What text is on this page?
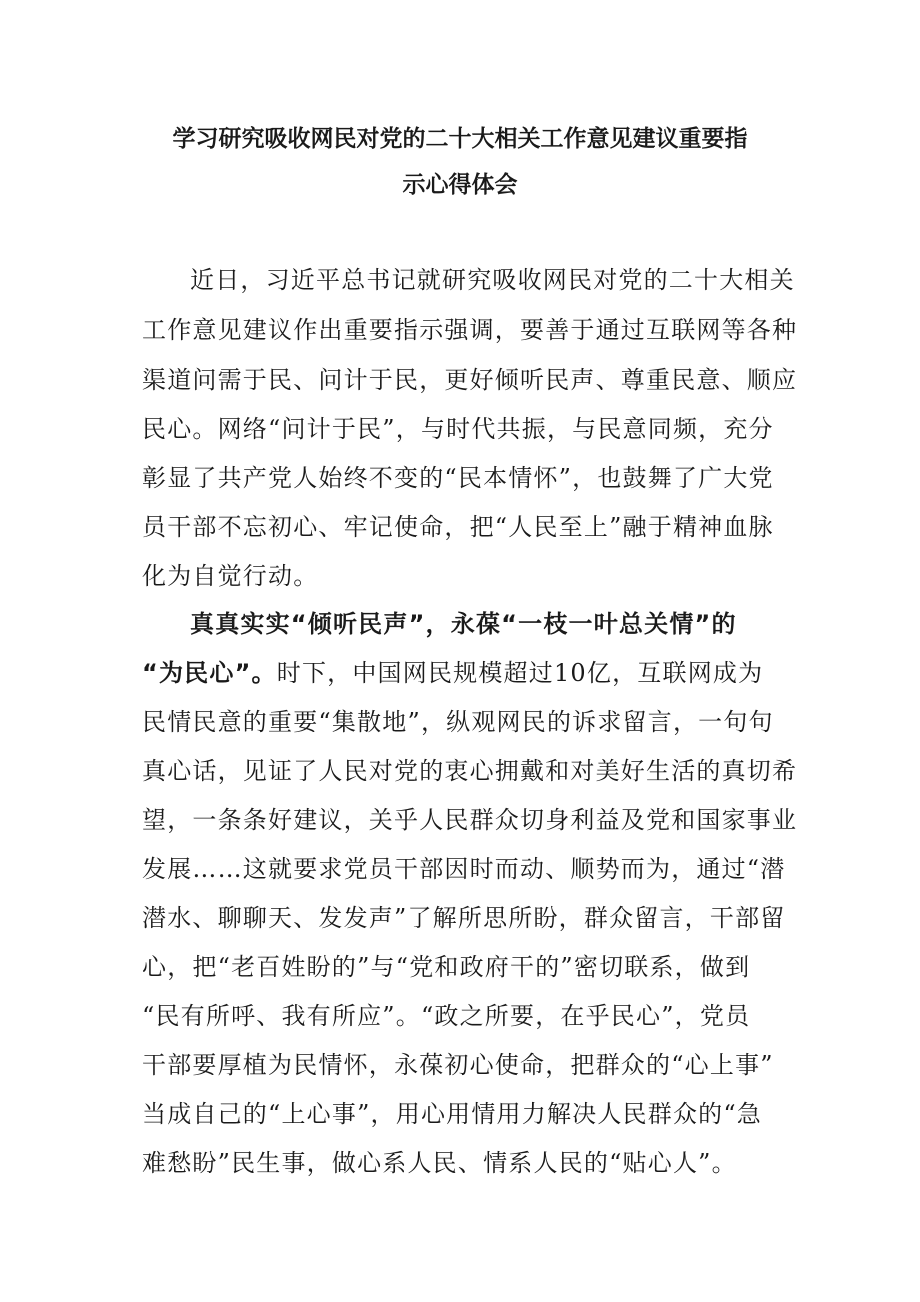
学习研究吸收网民对党的二十大相关工作意见建议重要指
示心得体会

近日，习近平总书记就研究吸收网民对党的二十大相关

工作意见建议作出重要指示强调，要善于通过互联网等各种

渠道问需于民、问计于民，更好倾听民声、尊重民意、顺应

民心。网络“问计于民”，与时代共振，与民意同频，充分

彰显了共产党人始终不变的“民本情怀”，也鼓舞了广大党

员干部不忘初心、牢记使命，把“人民至上”融于精神血脉

化为自觉行动。

真真实实“倾听民声”，永葆“一枝一叶总关情”的

“为民心”。时下，中国网民规模超过10亿，互联网成为

民情民意的重要“集散地”，纵观网民的诉求留言，一句句

真心话，见证了人民对党的衷心拥戴和对美好生活的真切希

望，一条条好建议，关乎人民群众切身利益及党和国家事业

发展……这就要求党员干部因时而动、顺势而为，通过“潜

潜水、聊聊天、发发声”了解所思所盼，群众留言，干部留

心，把“老百姓盼的”与“党和政府干的”密切联系，做到

“民有所呼、我有所应”。“政之所要，在乎民心”，党员

干部要厚植为民情怀，永葆初心使命，把群众的“心上事”

当成自己的“上心事”，用心用情用力解决人民群众的“急

难愁盼”民生事，做心系人民、情系人民的“贴心人”。
